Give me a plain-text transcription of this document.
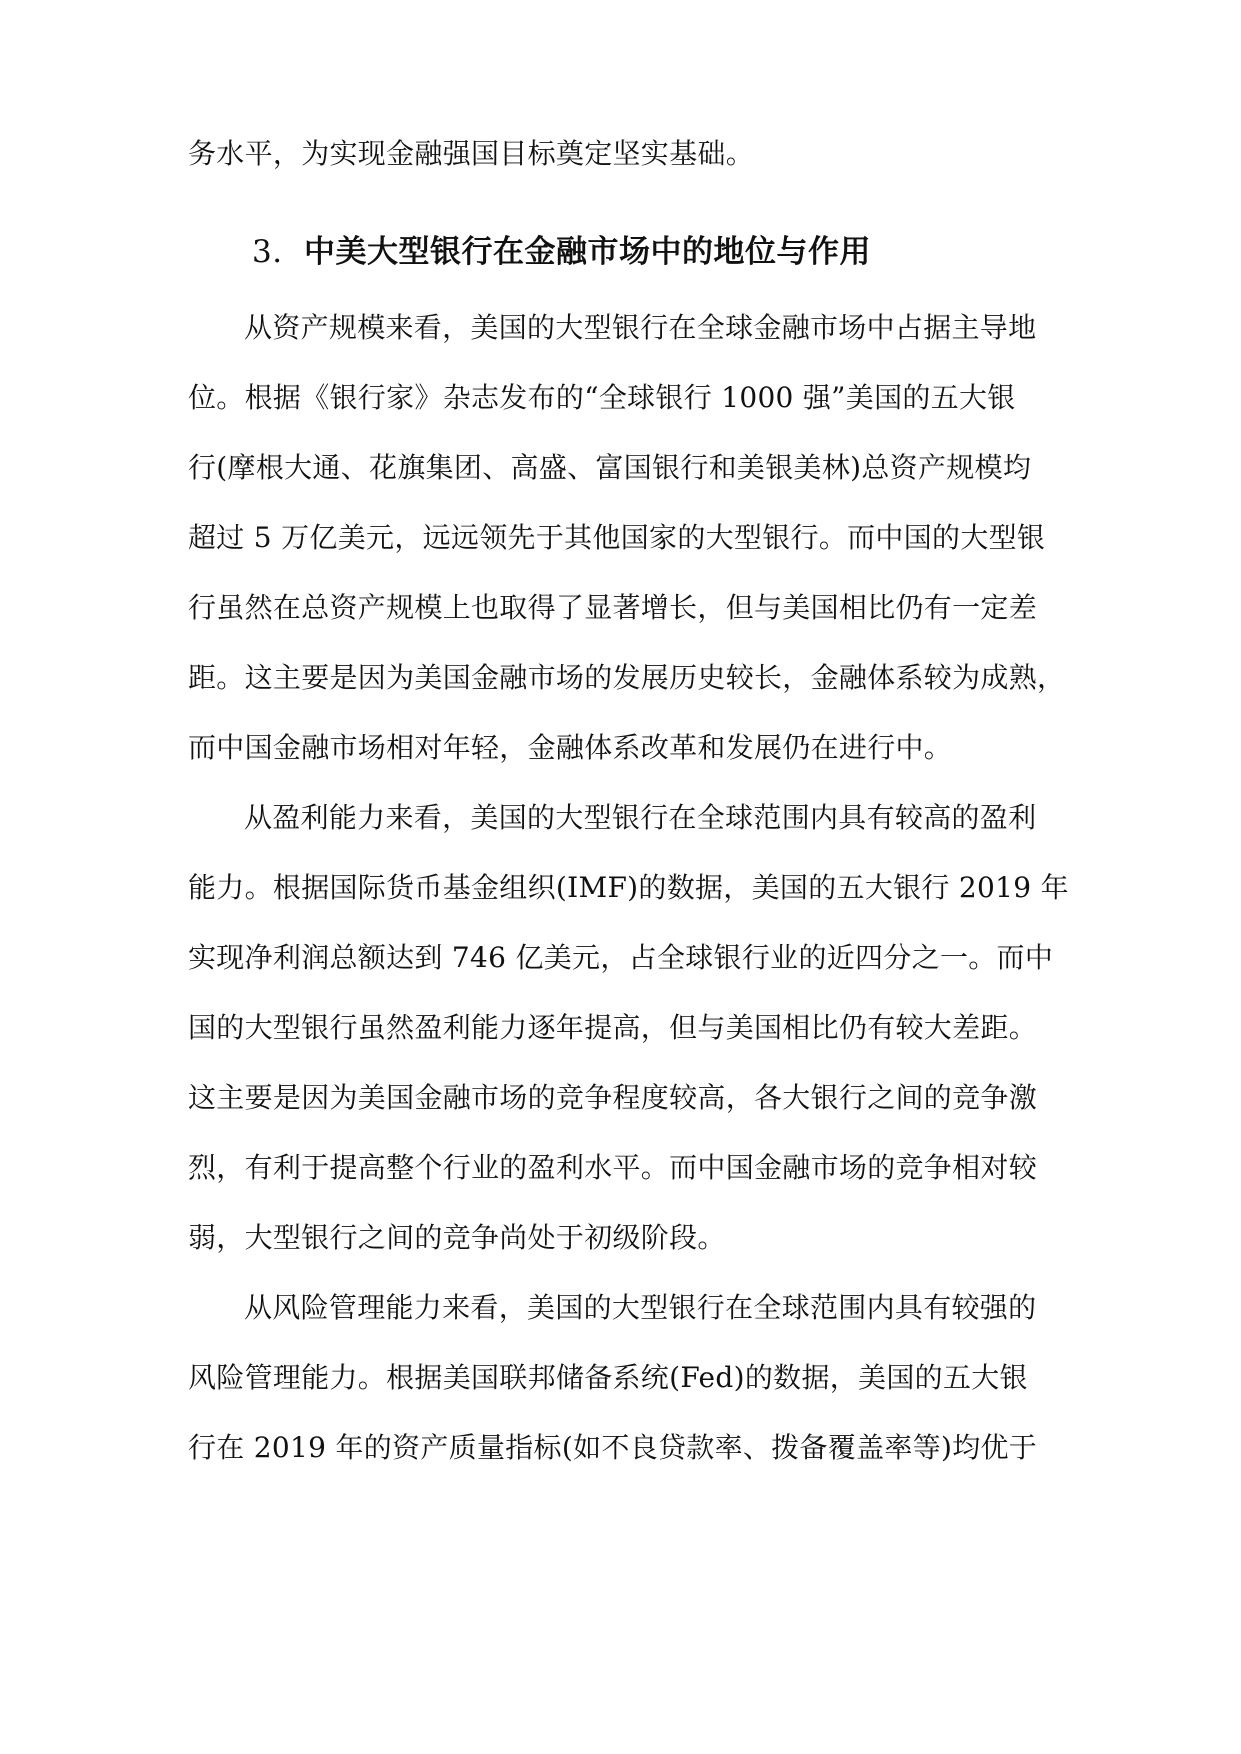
务水平，为实现金融强国目标奠定坚实基础。
3. 中美大型银行在金融市场中的地位与作用
从资产规模来看，美国的大型银行在全球金融市场中占据主导地
位。根据《银行家》杂志发布的“全球银行 1000 强”美国的五大银
行(摩根大通、花旗集团、高盛、富国银行和美银美林)总资产规模均
超过 5 万亿美元，远远领先于其他国家的大型银行。而中国的大型银
行虽然在总资产规模上也取得了显著增长，但与美国相比仍有一定差
距。这主要是因为美国金融市场的发展历史较长，金融体系较为成熟，
而中国金融市场相对年轻，金融体系改革和发展仍在进行中。
从盈利能力来看，美国的大型银行在全球范围内具有较高的盈利
能力。根据国际货币基金组织(IMF)的数据，美国的五大银行 2019 年
实现净利润总额达到 746 亿美元，占全球银行业的近四分之一。而中
国的大型银行虽然盈利能力逐年提高，但与美国相比仍有较大差距。
这主要是因为美国金融市场的竞争程度较高，各大银行之间的竞争激
烈，有利于提高整个行业的盈利水平。而中国金融市场的竞争相对较
弱，大型银行之间的竞争尚处于初级阶段。
从风险管理能力来看，美国的大型银行在全球范围内具有较强的
风险管理能力。根据美国联邦储备系统(Fed)的数据，美国的五大银
行在 2019 年的资产质量指标(如不良贷款率、拨备覆盖率等)均优于
